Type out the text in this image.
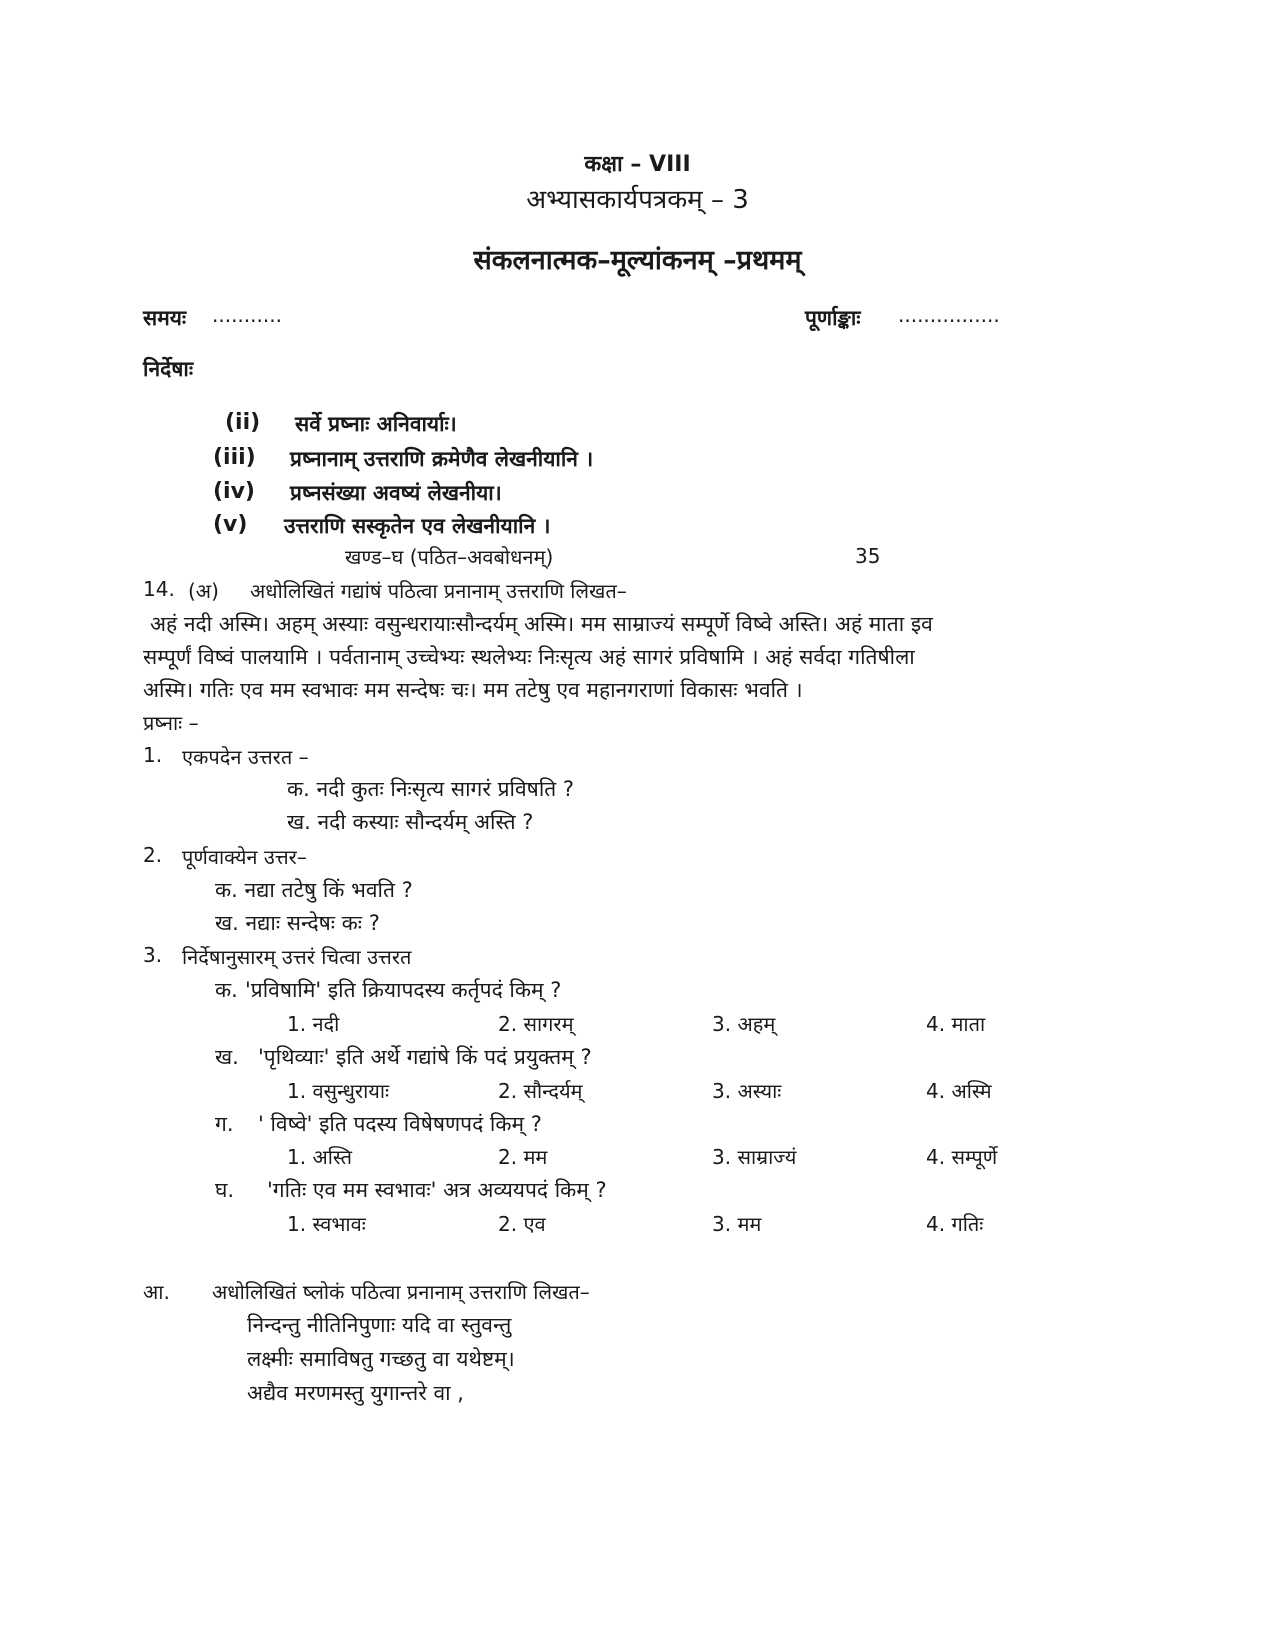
कक्षा – VIII
अभ्यासकार्यपत्रकम् – 3
संकलनात्मक–मूल्यांकनम् –प्रथमम्
समयः ...........	पूर्णाङ्काः ................
निर्देषाः
(ii) सर्वे प्रष्नाः अनिवार्याः।
(iii) प्रष्नानाम् उत्तराणि क्रमेणैव लेखनीयानि ।
(iv) प्रष्नसंख्या अवष्यं लेखनीया।
(v) उत्तराणि सस्कृतेन एव लेखनीयानि ।
खण्ड–घ (पठित–अवबोधनम्)	35
14. (अ) अधोलिखितं गद्यांषं पठित्वा प्रनानाम् उत्तराणि लिखत–
अहं नदी अस्मि। अहम् अस्याः वसुन्धरायाःसौन्दर्यम् अस्मि। मम साम्राज्यं सम्पूर्णे विष्वे अस्ति। अहं माता इव
सम्पूर्णं विष्वं पालयामि । पर्वतानाम् उच्चेभ्यः स्थलेभ्यः निःसृत्य अहं सागरं प्रविषामि । अहं सर्वदा गतिषीला
अस्मि। गतिः एव मम स्वभावः मम सन्देषः चः। मम तटेषु एव महानगराणां विकासः भवति ।
प्रष्नाः –
1. एकपदेन उत्तरत –
क. नदी कुतः निःसृत्य सागरं प्रविषति ?
ख. नदी कस्याः सौन्दर्यम् अस्ति ?
2. पूर्णवाक्येन उत्तर–
क. नद्या तटेषु किं भवति ?
ख. नद्याः सन्देषः कः ?
3. निर्देषानुसारम् उत्तरं चित्वा उत्तरत
क. 'प्रविषामि' इति क्रियापदस्य कर्तृपदं किम् ?
1. नदी	2. सागरम्	3. अहम्	4. माता
ख. 'पृथिव्याः' इति अर्थे गद्यांषे किं पदं प्रयुक्तम् ?
1. वसुन्धुरायाः	2. सौन्दर्यम्	3. अस्याः	4. अस्मि
ग. ' विष्वे' इति पदस्य विषेषणपदं किम् ?
1. अस्ति	2. मम	3. साम्राज्यं	4. सम्पूर्णे
घ. 'गतिः एव मम स्वभावः' अत्र अव्ययपदं किम् ?
1. स्वभावः	2. एव	3. मम	4. गतिः
आ. अधोलिखितं ष्लोकं पठित्वा प्रनानाम् उत्तराणि लिखत–
निन्दन्तु नीतिनिपुणाः यदि वा स्तुवन्तु
लक्ष्मीः समाविषतु गच्छतु वा यथेष्टम्।
अद्यैव मरणमस्तु युगान्तरे वा ,
